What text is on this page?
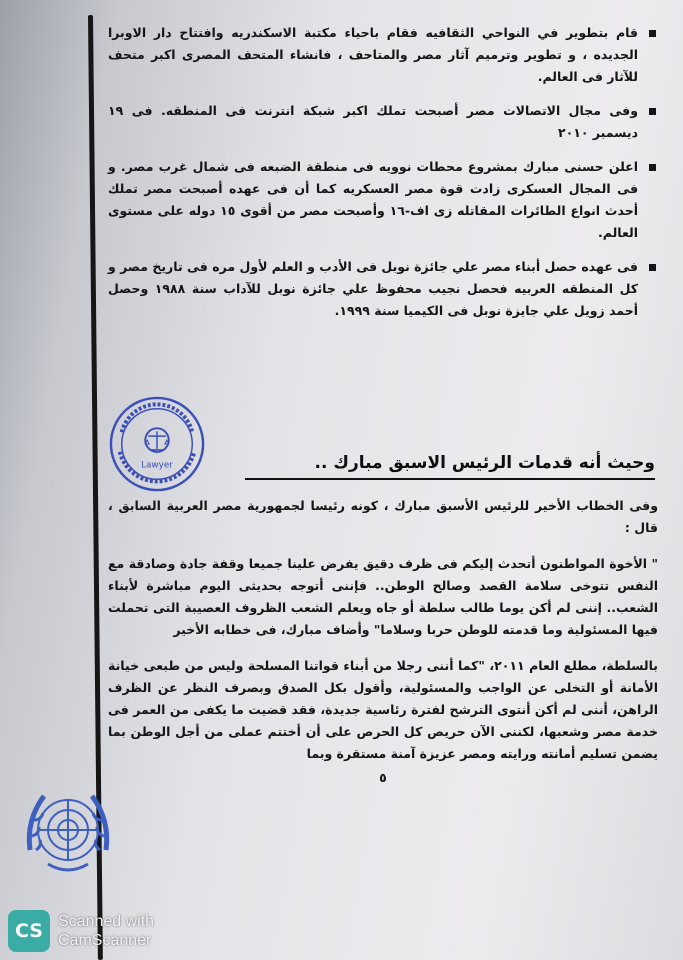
قام بتطوير في النواحي الثقافيه فقام باحياء مكتبة الاسكندريه وافتتاح دار الاوبرا الجديده ، و تطوير وترميم آثار مصر والمتاحف ، فانشاء المتحف المصرى اكبر متحف للآثار فى العالم.

وفى مجال الاتصالات مصر أصبحت تملك اكبر شبكة انترنت فى المنطقه. فى ١٩ ديسمبر ٢٠١٠

اعلن حسنى مبارك بمشروع محطات نوويه فى منطقة الضبعه فى شمال غرب مصر. و فى المجال العسكرى زادت قوة مصر العسكريه كما أن فى عهده أصبحت مصر تملك أحدث انواع الطائرات المقاتله زى اف-١٦ وأصبحت مصر من أقوى ١٥ دوله على مستوى العالم.

فى عهده حصل أبناء مصر علي جائزة نوبل فى الأدب و العلم لأول مره فى تاريخ مصر و كل المنطقه العربيه فحصل نجيب محفوظ علي جائزة نوبل للآداب سنة ١٩٨٨ وحصل أحمد زويل علي جايزة نوبل فى الكيميا سنة ١٩٩٩.

Lawyer	وحيث أنه قدمات الرئيس الاسبق مبارك ..

وفى الخطاب الأخير للرئيس الأسبق مبارك ، كونه رئيسا لجمهورية مصر العربية السابق ، قال :

" الأخوة المواطنون أتحدث إليكم فى ظرف دقيق يفرض علينا جميعا وقفة جادة وصادقة مع النفس تتوخى سلامة القصد وصالح الوطن.. فإننى أتوجه بحديثى اليوم مباشرة لأبناء الشعب.. إننى لم أكن يوما طالب سلطة أو جاه ويعلم الشعب الظروف العصيبة التى تحملت فيها المسئولية وما قدمته للوطن حربا وسلاما" وأضاف مبارك، فى خطابه الأخير

بالسلطة، مطلع العام ٢٠١١، "كما أننى رجلا من أبناء قواتنا المسلحة وليس من طبعى خيانة الأمانة أو التخلى عن الواجب والمسئولية، وأقول بكل الصدق وبصرف النظر عن الظرف الراهن، أننى لم أكن أنتوى الترشح لفترة رئاسية جديدة، فقد قضيت ما يكفى من العمر فى خدمة مصر وشعبها، لكننى الآن حريص كل الحرص على أن أختتم عملى من أجل الوطن بما يضمن تسليم أمانته ورايته ومصر عزيزة آمنة مستقرة وبما

٥

CS Scanned with
CamScanner
